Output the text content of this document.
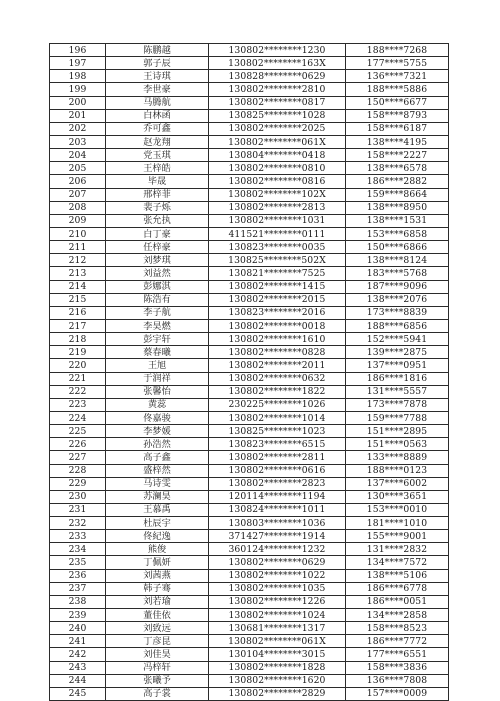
196	陈鹏越	130802********1230	188****7268
197	郭子辰	130802********163X	177****5755
198	王诗琪	130828********0629	136****7321
199	李世豪	130802********2810	188****5886
200	马腾航	130802********0817	150****6677
201	白林函	130825********1028	158****8793
202	乔可鑫	130802********2025	158****6187
203	赵龙翔	130802********061X	138****4195
204	党玉琪	130804********0418	158****2227
205	王梓皓	130802********0810	138****6578
206	毕晟	130802********0816	186****2882
207	邢梓菲	130802********102X	159****8664
208	裴子烁	130802********2813	138****8950
209	张允执	130802********1031	138****1531
210	白丁豪	411521********0111	153****6858
211	任梓豪	130823********0035	150****6866
212	刘梦琪	130825********502X	138****8124
213	刘益然	130821********7525	183****5768
214	彭娜淇	130802********1415	187****9096
215	陈浩有	130802********2015	138****2076
216	李子航	130823********2016	173****8839
217	李昊燃	130802********0018	188****6856
218	彭宇轩	130802********1610	152****5941
219	蔡春曦	130802********0828	139****2875
220	王旭	130802********2011	137****0951
221	于润祥	130802********0632	186****1816
222	张馨怡	130802********1822	131****5557
223	黄蕊	230225********1026	173****7878
224	佟嘉骏	130802********1014	159****7788
225	李梦媛	130825********1023	151****2895
226	孙浩然	130823********6515	151****0563
227	高子鑫	130802********2811	133****8889
228	盛梓然	130802********0616	188****0123
229	马诗雯	130802********2823	137****6002
230	苏澜昊	120114********1194	130****3651
231	王慕禹	130824********1011	153****0010
232	杜辰宇	130803********1036	181****1010
233	佟紀逸	371427********1914	155****9001
234	熊俊	360124********1232	131****2832
235	丁佩妍	130802********0629	134****7572
236	刘茜燕	130802********1022	138****5106
237	韩子骞	130802********1035	186****6778
238	刘若瑜	130802********1226	186****0051
239	董佳依	130802********1024	134****2858
240	刘致远	130681********1317	158****8523
241	丁彦昆	130802********061X	186****7772
242	刘佳昊	130104********3015	177****6551
243	冯梓轩	130802********1828	158****3836
244	张曦予	130802********1620	136****7808
245	高子裳	130802********2829	157****0009
